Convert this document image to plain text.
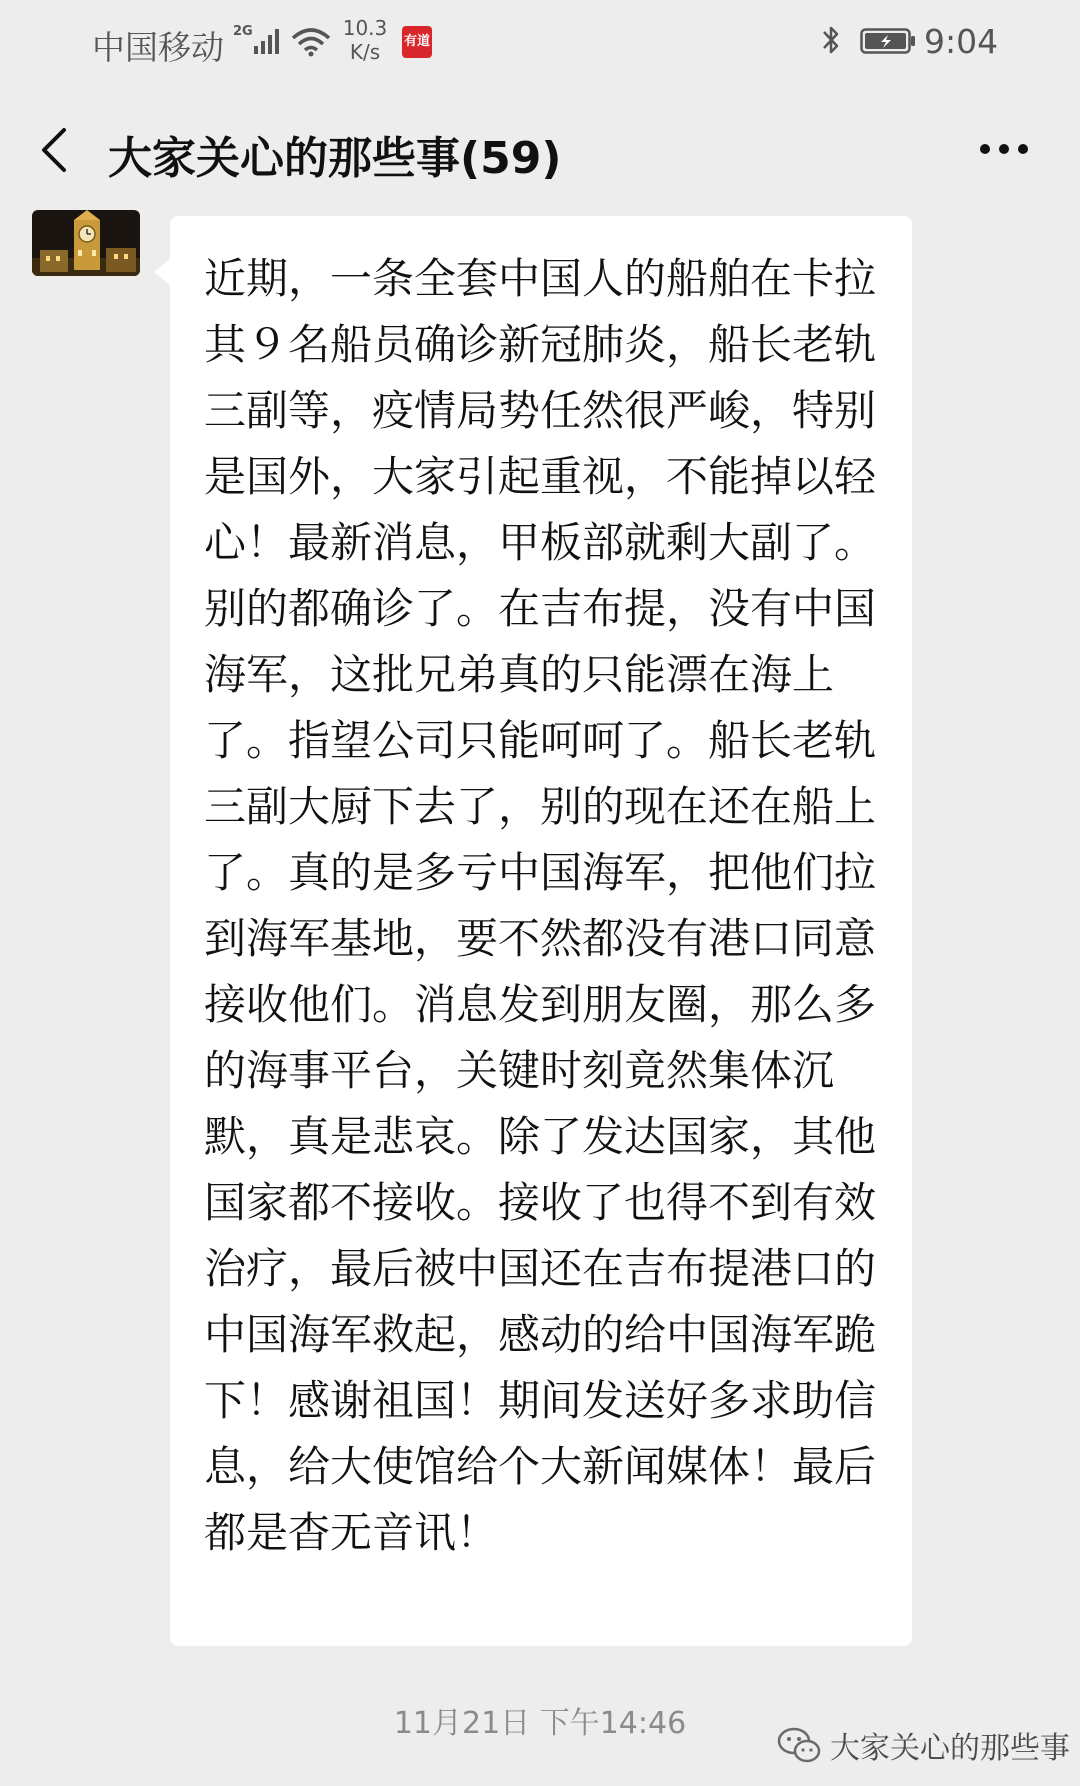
中国移动 2G	10.3
K/s	有道	9:04
大家关心的那些事(59)

近期，一条全套中国人的船舶在卡拉其９名船员确诊新冠肺炎，船长老轨三副等，疫情局势任然很严峻，特别是国外，大家引起重视，不能掉以轻心！最新消息，甲板部就剩大副了。别的都确诊了。在吉布提，没有中国海军，这批兄弟真的只能漂在海上了。指望公司只能呵呵了。船长老轨三副大厨下去了，别的现在还在船上了。真的是多亏中国海军，把他们拉到海军基地，要不然都没有港口同意接收他们。消息发到朋友圈，那么多的海事平台，关键时刻竟然集体沉默，真是悲哀。除了发达国家，其他国家都不接收。接收了也得不到有效治疗，最后被中国还在吉布提港口的中国海军救起，感动的给中国海军跪下！感谢祖国！期间发送好多求助信息，给大使馆给个大新闻媒体！最后都是杳无音讯！

11月21日 下午14:46
大家关心的那些事
